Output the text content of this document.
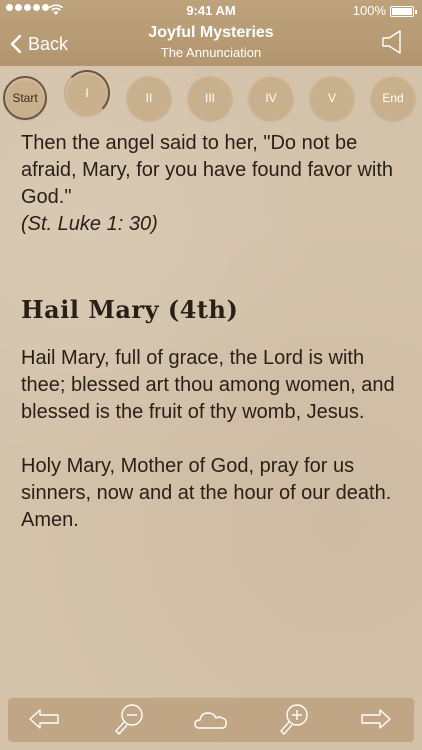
9:41 AM	100%
Back
Joyful Mysteries
The Annunciation
Start	I	II	III	IV	V	End

Then the angel said to her, "Do not be afraid, Mary, for you have found favor with God."

(St. Luke 1: 30)

Hail Mary (4th)

Hail Mary, full of grace, the Lord is with thee; blessed art thou among women, and blessed is the fruit of thy womb, Jesus.

Holy Mary, Mother of God, pray for us sinners, now and at the hour of our death. Amen.
